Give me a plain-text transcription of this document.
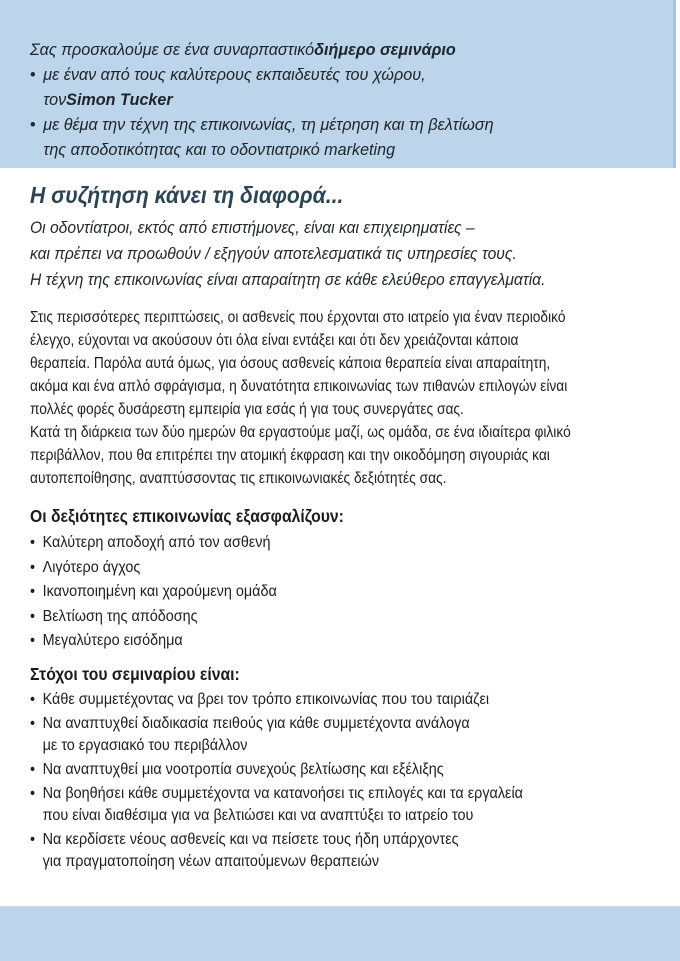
Σας προσκαλούμε σε ένα συναρπαστικό διήμερο σεμινάριο
• με έναν από τους καλύτερους εκπαιδευτές του χώρου,
τον Simon Tucker
• με θέμα την τέχνη της επικοινωνίας, τη μέτρηση και τη βελτίωση
της αποδοτικότητας και το οδοντιατρικό marketing
Η συζήτηση κάνει τη διαφορά...
Οι οδοντίατροι, εκτός από επιστήμονες, είναι και επιχειρηματίες –
και πρέπει να προωθούν / εξηγούν αποτελεσματικά τις υπηρεσίες τους.
Η τέχνη της επικοινωνίας είναι απαραίτητη σε κάθε ελεύθερο επαγγελματία.
Στις περισσότερες περιπτώσεις, οι ασθενείς που έρχονται στο ιατρείο για έναν περιοδικό
έλεγχο, εύχονται να ακούσουν ότι όλα είναι εντάξει και ότι δεν χρειάζονται κάποια
θεραπεία. Παρόλα αυτά όμως, για όσους ασθενείς κάποια θεραπεία είναι απαραίτητη,
ακόμα και ένα απλό σφράγισμα, η δυνατότητα επικοινωνίας των πιθανών επιλογών είναι
πολλές φορές δυσάρεστη εμπειρία για εσάς ή για τους συνεργάτες σας.
Κατά τη διάρκεια των δύο ημερών θα εργαστούμε μαζί, ως ομάδα, σε ένα ιδιαίτερα φιλικό
περιβάλλον, που θα επιτρέπει την ατομική έκφραση και την οικοδόμηση σιγουριάς και
αυτοπεποίθησης, αναπτύσσοντας τις επικοινωνιακές δεξιότητές σας.
Οι δεξιότητες επικοινωνίας εξασφαλίζουν:
• Καλύτερη αποδοχή από τον ασθενή
• Λιγότερο άγχος
• Ικανοποιημένη και χαρούμενη ομάδα
• Βελτίωση της απόδοσης
• Μεγαλύτερο εισόδημα
Στόχοι του σεμιναρίου είναι:
• Κάθε συμμετέχοντας να βρει τον τρόπο επικοινωνίας που του ταιριάζει
• Να αναπτυχθεί διαδικασία πειθούς για κάθε συμμετέχοντα ανάλογα
με το εργασιακό του περιβάλλον
• Να αναπτυχθεί μια νοοτροπία συνεχούς βελτίωσης και εξέλιξης
• Να βοηθήσει κάθε συμμετέχοντα να κατανοήσει τις επιλογές και τα εργαλεία
που είναι διαθέσιμα για να βελτιώσει και να αναπτύξει το ιατρείο του
• Να κερδίσετε νέους ασθενείς και να πείσετε τους ήδη υπάρχοντες
για πραγματοποίηση νέων απαιτούμενων θεραπειών
